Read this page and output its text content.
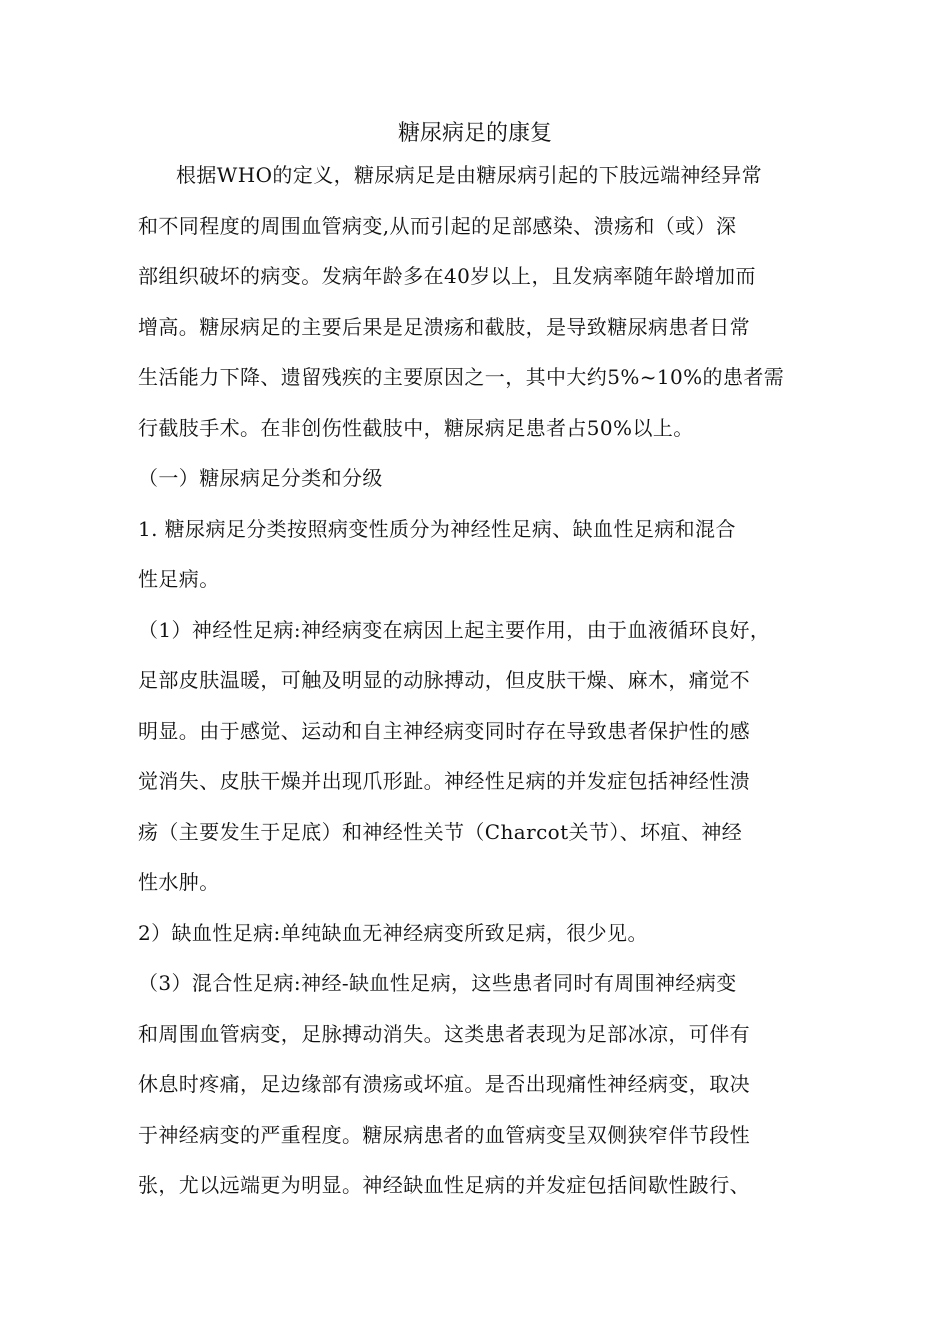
糖尿病足的康复
根据WHO的定义，糖尿病足是由糖尿病引起的下肢远端神经异常
和不同程度的周围血管病变,从而引起的足部感染、溃疡和（或）深
部组织破坏的病变。发病年龄多在40岁以上，且发病率随年龄增加而
增高。糖尿病足的主要后果是足溃疡和截肢，是导致糖尿病患者日常
生活能力下降、遗留残疾的主要原因之一，其中大约5%~10%的患者需
行截肢手术。在非创伤性截肢中，糖尿病足患者占50%以上。
（一）糖尿病足分类和分级
1. 糖尿病足分类按照病变性质分为神经性足病、缺血性足病和混合
性足病。
（1）神经性足病:神经病变在病因上起主要作用，由于血液循环良好，
足部皮肤温暖，可触及明显的动脉搏动，但皮肤干燥、麻木，痛觉不
明显。由于感觉、运动和自主神经病变同时存在导致患者保护性的感
觉消失、皮肤干燥并出现爪形趾。神经性足病的并发症包括神经性溃
疡（主要发生于足底）和神经性关节（Charcot关节）、坏疽、神经
性水肿。
2）缺血性足病:单纯缺血无神经病变所致足病，很少见。
（3）混合性足病:神经-缺血性足病，这些患者同时有周围神经病变
和周围血管病变，足脉搏动消失。这类患者表现为足部冰凉，可伴有
休息时疼痛，足边缘部有溃疡或坏疽。是否出现痛性神经病变，取决
于神经病变的严重程度。糖尿病患者的血管病变呈双侧狭窄伴节段性
张，尤以远端更为明显。神经缺血性足病的并发症包括间歇性跛行、
